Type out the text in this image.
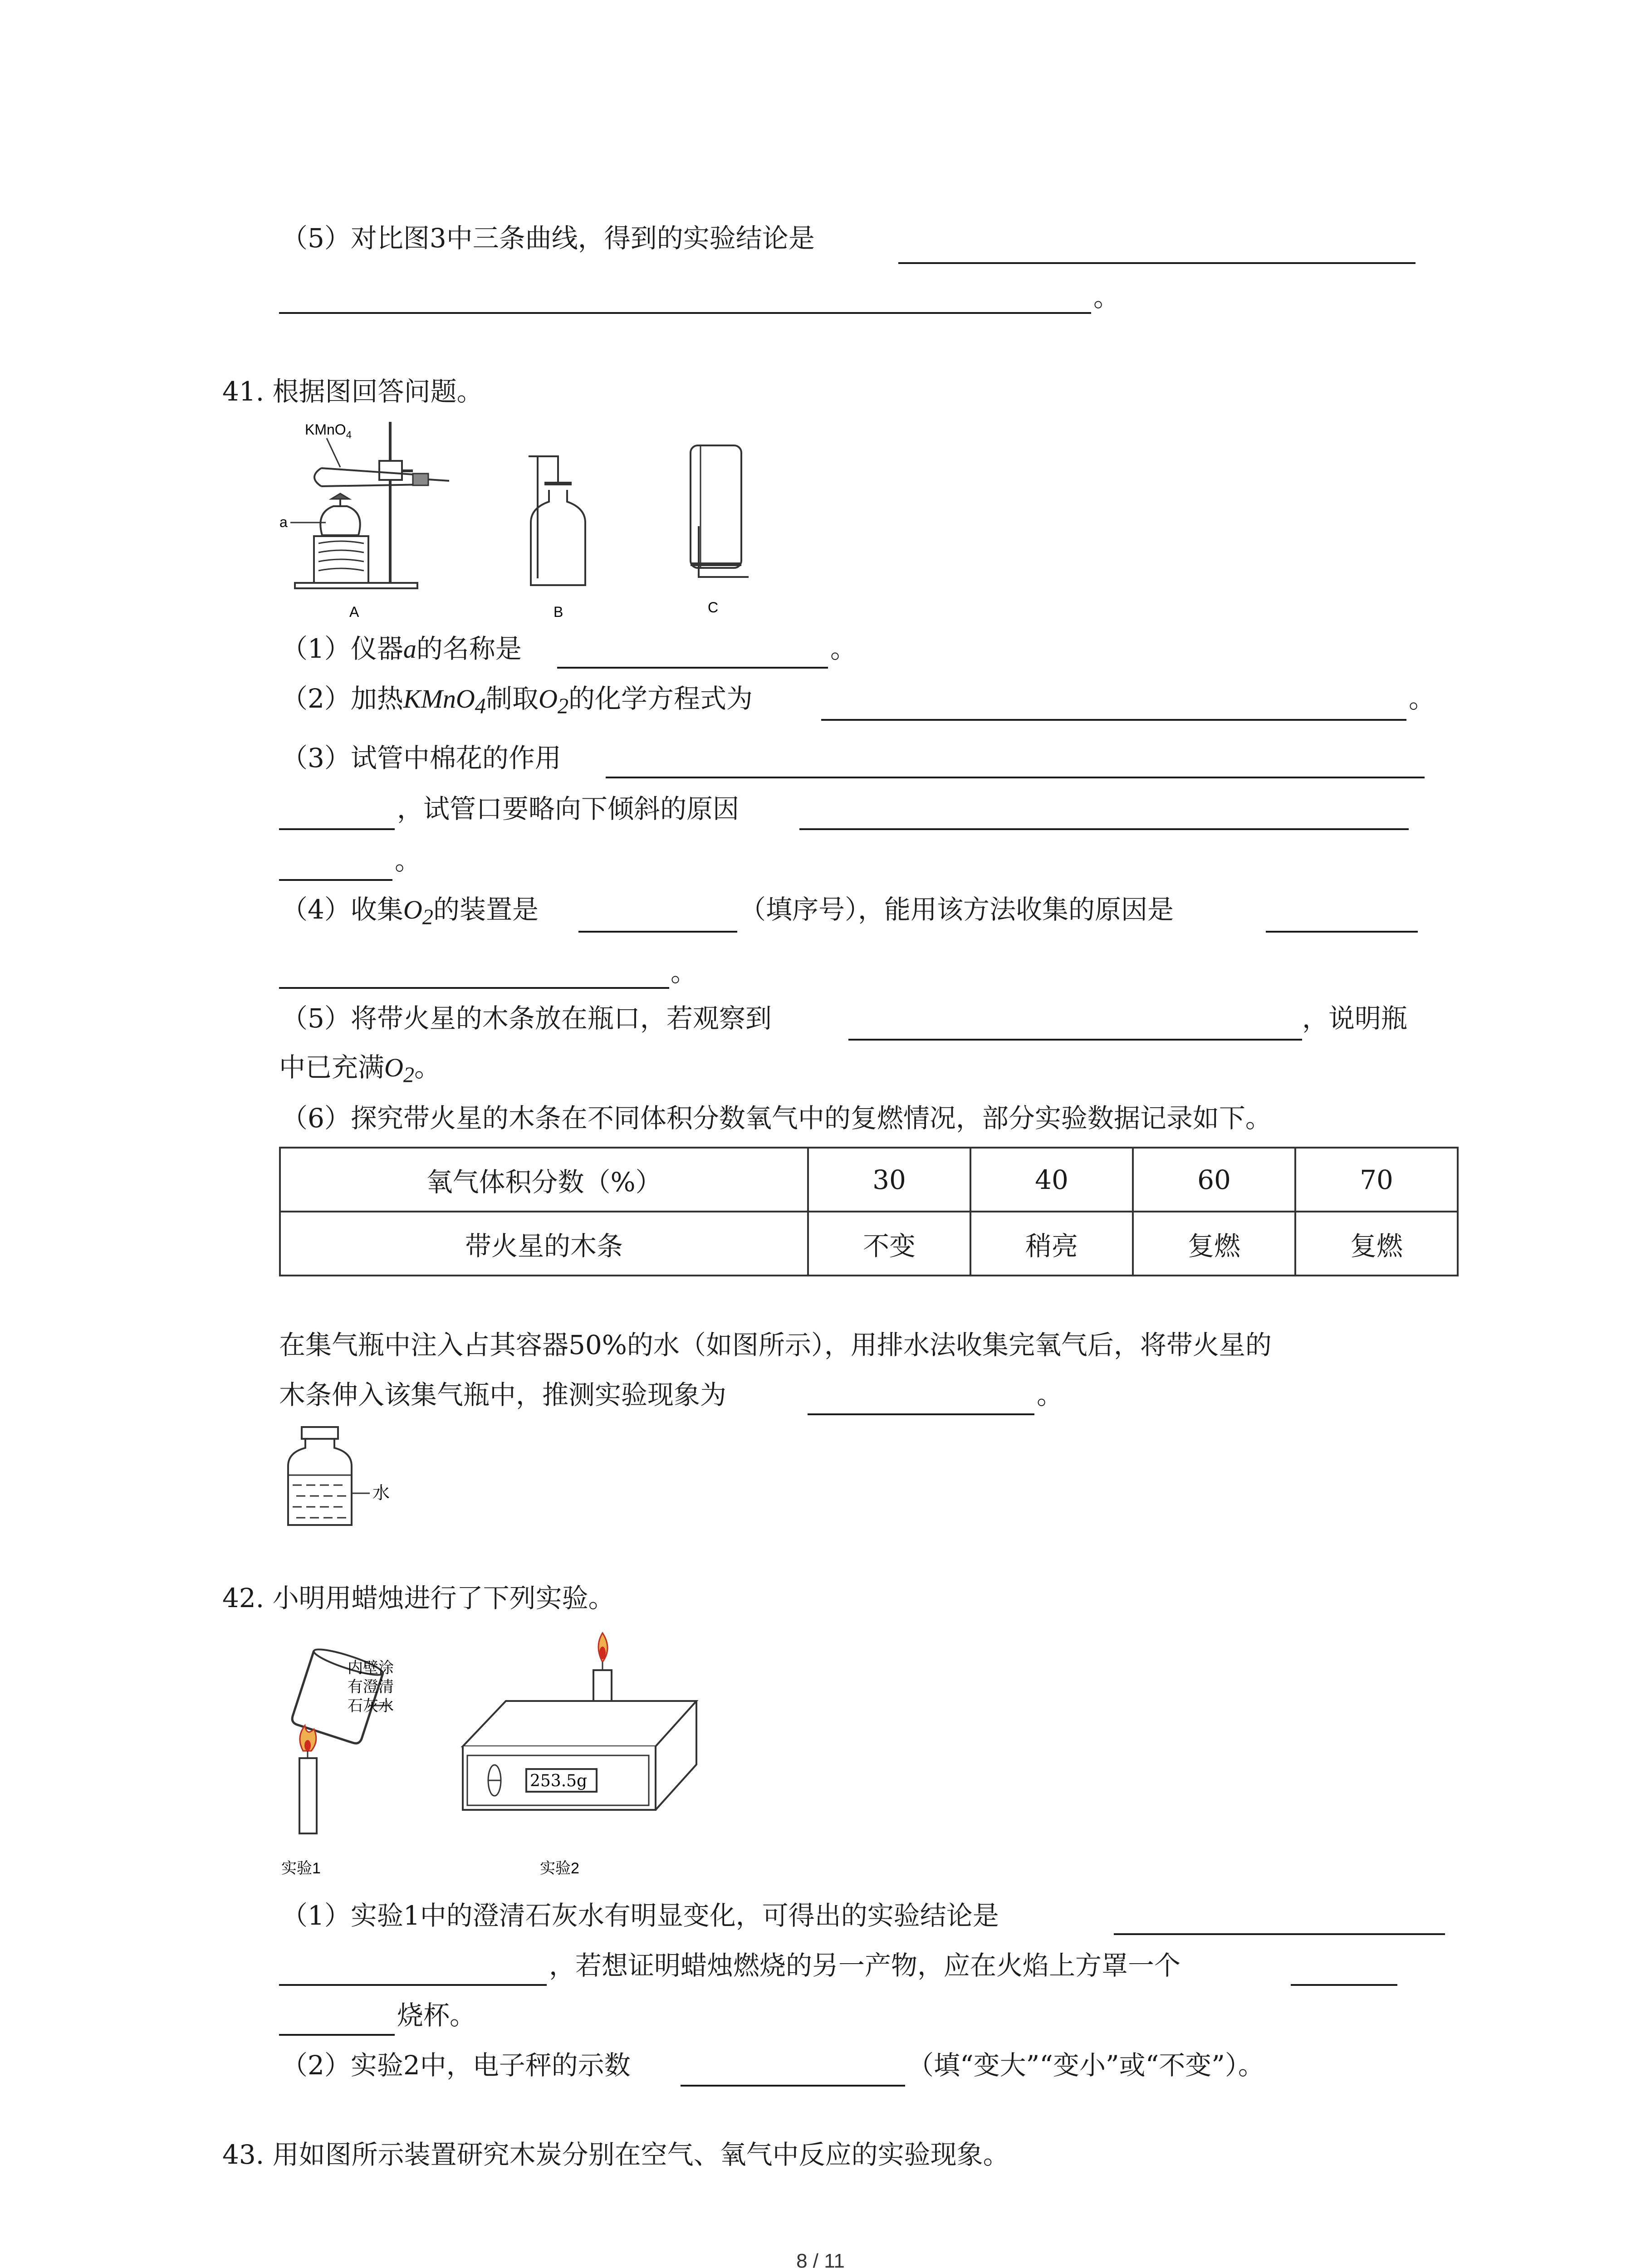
（5）对比图3中三条曲线，得到的实验结论是
。
41. 根据图回答问题。
KMnO$_4$
a
A	B	C
（1）仪器a的名称是	。
（2）加热KMnO$_4$制取$O_2$的化学方程式为	。
（3）试管中棉花的作用
，试管口要略向下倾斜的原因
。
（4）收集$O_2$的装置是	（填序号），能用该方法收集的原因是
。
（5）将带火星的木条放在瓶口，若观察到	，说明瓶
中已充满$O_2$。
（6）探究带火星的木条在不同体积分数氧气中的复燃情况，部分实验数据记录如下。
氧气体积分数（%）	30	40	60	70
带火星的木条	不变	稍亮	复燃	复燃
在集气瓶中注入占其容器50%的水（如图所示），用排水法收集完氧气后，将带火星的
木条伸入该集气瓶中，推测实验现象为	。
水
42. 小明用蜡烛进行了下列实验。
内壁涂
有澄清
石灰水
实验1
253.5g
实验2
（1）实验1中的澄清石灰水有明显变化，可得出的实验结论是
，若想证明蜡烛燃烧的另一产物，应在火焰上方罩一个
烧杯。
（2）实验2中，电子秤的示数	（填“变大”“变小”或“不变”）。
43. 用如图所示装置研究木炭分别在空气、氧气中反应的实验现象。
8 / 11
